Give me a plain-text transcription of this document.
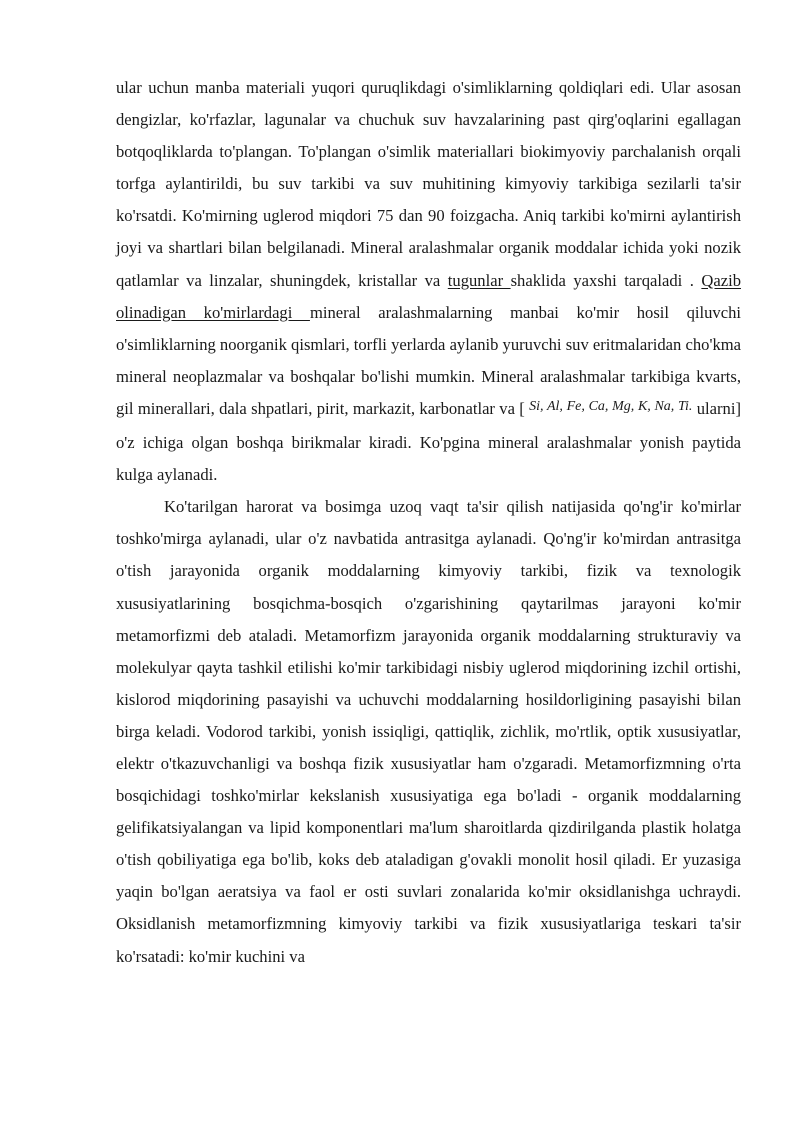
ular uchun manba materiali yuqori quruqlikdagi o'simliklarning qoldiqlari edi. Ular asosan dengizlar, ko'rfazlar, lagunalar va chuchuk suv havzalarining past qirg'oqlarini egallagan botqoqliklarda to'plangan. To'plangan o'simlik materiallari biokimyoviy parchalanish orqali torfga aylantirildi, bu suv tarkibi va suv muhitining kimyoviy tarkibiga sezilarli ta'sir ko'rsatdi. Ko'mirning uglerod miqdori 75 dan 90 foizgacha. Aniq tarkibi ko'mirni aylantirish joyi va shartlari bilan belgilanadi. Mineral aralashmalar organik moddalar ichida yoki nozik qatlamlar va linzalar, shuningdek, kristallar va tugunlar shaklida yaxshi tarqaladi . Qazib olinadigan ko'mirlardagi mineral aralashmalarning manbai ko'mir hosil qiluvchi o'simliklarning noorganik qismlari, torfli yerlarda aylanib yuruvchi suv eritmalaridan cho'kma mineral neoplazmalar va boshqalar bo'lishi mumkin. Mineral aralashmalar tarkibiga kvarts, gil minerallari, dala shpatlari, pirit, markazit, karbonatlar va [ $^{Si, Al, Fe, Ca, Mg, K, Na, Ti.}$ ularni] o'z ichiga olgan boshqa birikmalar kiradi. Ko'pgina mineral aralashmalar yonish paytida kulga aylanadi.

Ko'tarilgan harorat va bosimga uzoq vaqt ta'sir qilish natijasida qo'ng'ir ko'mirlar toshko'mirga aylanadi, ular o'z navbatida antrasitga aylanadi. Qo'ng'ir ko'mirdan antrasitga o'tish jarayonida organik moddalarning kimyoviy tarkibi, fizik va texnologik xususiyatlarining bosqichma-bosqich o'zgarishining qaytarilmas jarayoni ko'mir metamorfizmi deb ataladi. Metamorfizm jarayonida organik moddalarning strukturaviy va molekulyar qayta tashkil etilishi ko'mir tarkibidagi nisbiy uglerod miqdorining izchil ortishi, kislorod miqdorining pasayishi va uchuvchi moddalarning hosildorligining pasayishi bilan birga keladi. Vodorod tarkibi, yonish issiqligi, qattiqlik, zichlik, mo'rtlik, optik xususiyatlar, elektr o'tkazuvchanligi va boshqa fizik xususiyatlar ham o'zgaradi. Metamorfizmning o'rta bosqichidagi toshko'mirlar kekslanish xususiyatiga ega bo'ladi - organik moddalarning gelifikatsiyalangan va lipid komponentlari ma'lum sharoitlarda qizdirilganda plastik holatga o'tish qobiliyatiga ega bo'lib, koks deb ataladigan g'ovakli monolit hosil qiladi. Er yuzasiga yaqin bo'lgan aeratsiya va faol er osti suvlari zonalarida ko'mir oksidlanishga uchraydi. Oksidlanish metamorfizmning kimyoviy tarkibi va fizik xususiyatlariga teskari ta'sir ko'rsatadi: ko'mir kuchini va
